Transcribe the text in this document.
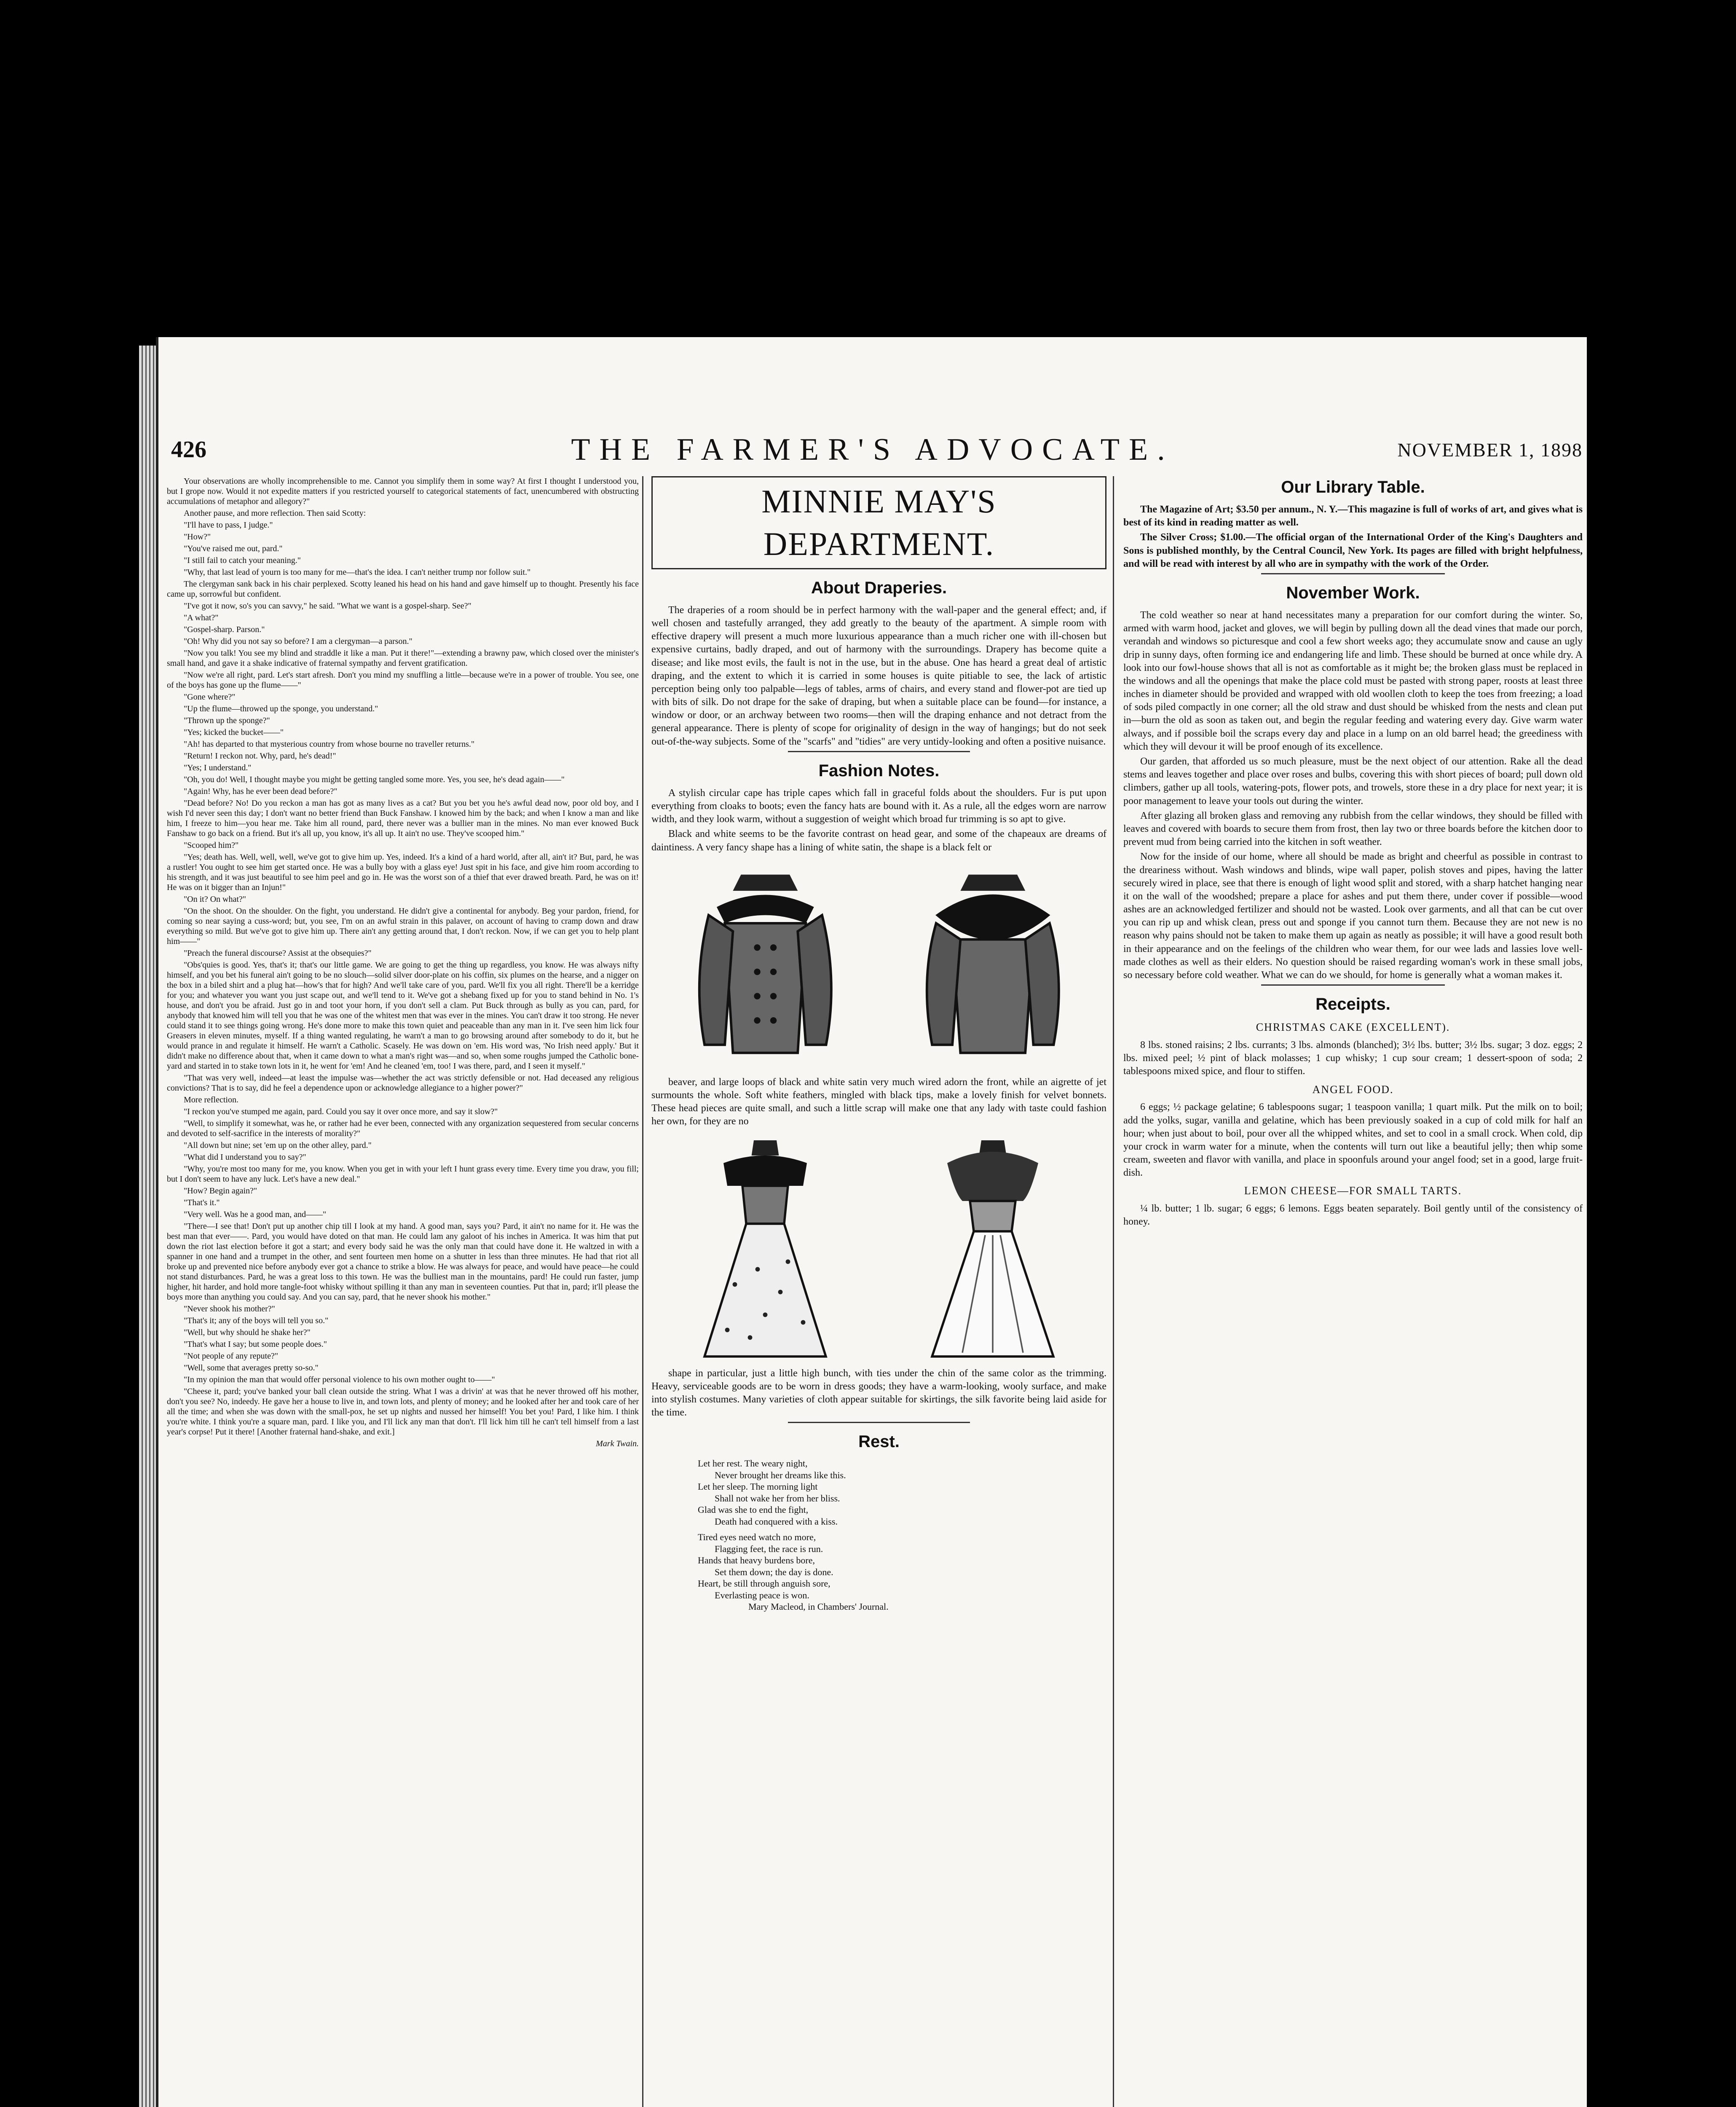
426	THE FARMER'S ADVOCATE.	NOVEMBER 1, 1898

Your observations are wholly incomprehensible to me. Cannot you simplify them in some way? At first I thought I understood you, but I grope now. Would it not expedite matters if you restricted yourself to categorical statements of fact, unencumbered with obstructing accumulations of metaphor and allegory?"

Another pause, and more reflection. Then said Scotty:

"I'll have to pass, I judge."

"How?"

"You've raised me out, pard."

"I still fail to catch your meaning."

"Why, that last lead of yourn is too many for me—that's the idea. I can't neither trump nor follow suit."

The clergyman sank back in his chair perplexed. Scotty leaned his head on his hand and gave himself up to thought. Presently his face came up, sorrowful but confident.

"I've got it now, so's you can savvy," he said. "What we want is a gospel-sharp. See?"

"A what?"

"Gospel-sharp. Parson."

"Oh! Why did you not say so before? I am a clergyman—a parson."

"Now you talk! You see my blind and straddle it like a man. Put it there!"—extending a brawny paw, which closed over the minister's small hand, and gave it a shake indicative of fraternal sympathy and fervent gratification.

"Now we're all right, pard. Let's start afresh. Don't you mind my snuffling a little—because we're in a power of trouble. You see, one of the boys has gone up the flume——"

"Gone where?"

"Up the flume—throwed up the sponge, you understand."

"Thrown up the sponge?"

"Yes; kicked the bucket——"

"Ah! has departed to that mysterious country from whose bourne no traveller returns."

"Return! I reckon not. Why, pard, he's dead!"

"Yes; I understand."

"Oh, you do! Well, I thought maybe you might be getting tangled some more. Yes, you see, he's dead again——"

"Again! Why, has he ever been dead before?"

"Dead before? No! Do you reckon a man has got as many lives as a cat? But you bet you he's awful dead now, poor old boy, and I wish I'd never seen this day; I don't want no better friend than Buck Fanshaw. I knowed him by the back; and when I know a man and like him, I freeze to him—you hear me. Take him all round, pard, there never was a bullier man in the mines. No man ever knowed Buck Fanshaw to go back on a friend. But it's all up, you know, it's all up. It ain't no use. They've scooped him."

"Scooped him?"

"Yes; death has. Well, well, well, we've got to give him up. Yes, indeed. It's a kind of a hard world, after all, ain't it? But, pard, he was a rustler! You ought to see him get started once. He was a bully boy with a glass eye! Just spit in his face, and give him room according to his strength, and it was just beautiful to see him peel and go in. He was the worst son of a thief that ever drawed breath. Pard, he was on it! He was on it bigger than an Injun!"

"On it? On what?"

"On the shoot. On the shoulder. On the fight, you understand. He didn't give a continental for anybody. Beg your pardon, friend, for coming so near saying a cuss-word; but, you see, I'm on an awful strain in this palaver, on account of having to cramp down and draw everything so mild. But we've got to give him up. There ain't any getting around that, I don't reckon. Now, if we can get you to help plant him——"

"Preach the funeral discourse? Assist at the obsequies?"

"Obs'quies is good. Yes, that's it; that's our little game. We are going to get the thing up regardless, you know. He was always nifty himself, and you bet his funeral ain't going to be no slouch—solid silver door-plate on his coffin, six plumes on the hearse, and a nigger on the box in a biled shirt and a plug hat—how's that for high? And we'll take care of you, pard. We'll fix you all right. There'll be a kerridge for you; and whatever you want you just scape out, and we'll tend to it. We've got a shebang fixed up for you to stand behind in No. 1's house, and don't you be afraid. Just go in and toot your horn, if you don't sell a clam. Put Buck through as bully as you can, pard, for anybody that knowed him will tell you that he was one of the whitest men that was ever in the mines. You can't draw it too strong. He never could stand it to see things going wrong. He's done more to make this town quiet and peaceable than any man in it. I've seen him lick four Greasers in eleven minutes, myself. If a thing wanted regulating, he warn't a man to go browsing around after somebody to do it, but he would prance in and regulate it himself. He warn't a Catholic. Scasely. He was down on 'em. His word was, 'No Irish need apply.' But it didn't make no difference about that, when it came down to what a man's right was—and so, when some roughs jumped the Catholic bone-yard and started in to stake town lots in it, he went for 'em! And he cleaned 'em, too! I was there, pard, and I seen it myself."

"That was very well, indeed—at least the impulse was—whether the act was strictly defensible or not. Had deceased any religious convictions? That is to say, did he feel a dependence upon or acknowledge allegiance to a higher power?"

More reflection.

"I reckon you've stumped me again, pard. Could you say it over once more, and say it slow?"

"Well, to simplify it somewhat, was he, or rather had he ever been, connected with any organization sequestered from secular concerns and devoted to self-sacrifice in the interests of morality?"

"All down but nine; set 'em up on the other alley, pard."

"What did I understand you to say?"

"Why, you're most too many for me, you know. When you get in with your left I hunt grass every time. Every time you draw, you fill; but I don't seem to have any luck. Let's have a new deal."

"How? Begin again?"

"That's it."

"Very well. Was he a good man, and——"

"There—I see that! Don't put up another chip till I look at my hand. A good man, says you? Pard, it ain't no name for it. He was the best man that ever——. Pard, you would have doted on that man. He could lam any galoot of his inches in America. It was him that put down the riot last election before it got a start; and every body said he was the only man that could have done it. He waltzed in with a spanner in one hand and a trumpet in the other, and sent fourteen men home on a shutter in less than three minutes. He had that riot all broke up and prevented nice before anybody ever got a chance to strike a blow. He was always for peace, and would have peace—he could not stand disturbances. Pard, he was a great loss to this town. He was the bulliest man in the mountains, pard! He could run faster, jump higher, hit harder, and hold more tangle-foot whisky without spilling it than any man in seventeen counties. Put that in, pard; it'll please the boys more than anything you could say. And you can say, pard, that he never shook his mother."

"Never shook his mother?"

"That's it; any of the boys will tell you so."

"Well, but why should he shake her?"

"That's what I say; but some people does."

"Not people of any repute?"

"Well, some that averages pretty so-so."

"In my opinion the man that would offer personal violence to his own mother ought to——"

"Cheese it, pard; you've banked your ball clean outside the string. What I was a drivin' at was that he never throwed off his mother, don't you see? No, indeedy. He gave her a house to live in, and town lots, and plenty of money; and he looked after her and took care of her all the time; and when she was down with the small-pox, he set up nights and nussed her himself! You bet you! Pard, I like him. I think you're white. I think you're a square man, pard. I like you, and I'll lick any man that don't. I'll lick him till he can't tell himself from a last year's corpse! Put it there! [Another fraternal hand-shake, and exit.]

Mark Twain.
MINNIE MAY'S DEPARTMENT.
About Draperies.

The draperies of a room should be in perfect harmony with the wall-paper and the general effect; and, if well chosen and tastefully arranged, they add greatly to the beauty of the apartment. A simple room with effective drapery will present a much more luxurious appearance than a much richer one with ill-chosen but expensive curtains, badly draped, and out of harmony with the surroundings. Drapery has become quite a disease; and like most evils, the fault is not in the use, but in the abuse. One has heard a great deal of artistic draping, and the extent to which it is carried in some houses is quite pitiable to see, the lack of artistic perception being only too palpable—legs of tables, arms of chairs, and every stand and flower-pot are tied up with bits of silk. Do not drape for the sake of draping, but when a suitable place can be found—for instance, a window or door, or an archway between two rooms—then will the draping enhance and not detract from the general appearance. There is plenty of scope for originality of design in the way of hangings; but do not seek out-of-the-way subjects. Some of the "scarfs" and "tidies" are very untidy-looking and often a positive nuisance.

Fashion Notes.

A stylish circular cape has triple capes which fall in graceful folds about the shoulders. Fur is put upon everything from cloaks to boots; even the fancy hats are bound with it. As a rule, all the edges worn are narrow width, and they look warm, without a suggestion of weight which broad fur trimming is so apt to give.

Black and white seems to be the favorite contrast on head gear, and some of the chapeaux are dreams of daintiness. A very fancy shape has a lining of white satin, the shape is a black felt or

beaver, and large loops of black and white satin very much wired adorn the front, while an aigrette of jet surmounts the whole. Soft white feathers, mingled with black tips, make a lovely finish for velvet bonnets. These head pieces are quite small, and such a little scrap will make one that any lady with taste could fashion her own, for they are no

shape in particular, just a little high bunch, with ties under the chin of the same color as the trimming. Heavy, serviceable goods are to be worn in dress goods; they have a warm-looking, wooly surface, and make into stylish costumes. Many varieties of cloth appear suitable for skirtings, the silk favorite being laid aside for the time.

Rest.
Let her rest. The weary night,
Never brought her dreams like this.
Let her sleep. The morning light
Shall not wake her from her bliss.
Glad was she to end the fight,
Death had conquered with a kiss.
Tired eyes need watch no more,
Flagging feet, the race is run.
Hands that heavy burdens bore,
Set them down; the day is done.
Heart, be still through anguish sore,
Everlasting peace is won.
Mary Macleod, in Chambers' Journal.
Our Library Table.

The Magazine of Art; $3.50 per annum., N. Y.—This magazine is full of works of art, and gives what is best of its kind in reading matter as well.

The Silver Cross; $1.00.—The official organ of the International Order of the King's Daughters and Sons is published monthly, by the Central Council, New York. Its pages are filled with bright helpfulness, and will be read with interest by all who are in sympathy with the work of the Order.

November Work.

The cold weather so near at hand necessitates many a preparation for our comfort during the winter. So, armed with warm hood, jacket and gloves, we will begin by pulling down all the dead vines that made our porch, verandah and windows so picturesque and cool a few short weeks ago; they accumulate snow and cause an ugly drip in sunny days, often forming ice and endangering life and limb. These should be burned at once while dry. A look into our fowl-house shows that all is not as comfortable as it might be; the broken glass must be replaced in the windows and all the openings that make the place cold must be pasted with strong paper, roosts at least three inches in diameter should be provided and wrapped with old woollen cloth to keep the toes from freezing; a load of sods piled compactly in one corner; all the old straw and dust should be whisked from the nests and clean put in—burn the old as soon as taken out, and begin the regular feeding and watering every day. Give warm water always, and if possible boil the scraps every day and place in a lump on an old barrel head; the greediness with which they will devour it will be proof enough of its excellence.

Our garden, that afforded us so much pleasure, must be the next object of our attention. Rake all the dead stems and leaves together and place over roses and bulbs, covering this with short pieces of board; pull down old climbers, gather up all tools, watering-pots, flower pots, and trowels, store these in a dry place for next year; it is poor management to leave your tools out during the winter.

After glazing all broken glass and removing any rubbish from the cellar windows, they should be filled with leaves and covered with boards to secure them from frost, then lay two or three boards before the kitchen door to prevent mud from being carried into the kitchen in soft weather.

Now for the inside of our home, where all should be made as bright and cheerful as possible in contrast to the dreariness without. Wash windows and blinds, wipe wall paper, polish stoves and pipes, having the latter securely wired in place, see that there is enough of light wood split and stored, with a sharp hatchet hanging near it on the wall of the woodshed; prepare a place for ashes and put them there, under cover if possible—wood ashes are an acknowledged fertilizer and should not be wasted. Look over garments, and all that can be cut over you can rip up and whisk clean, press out and sponge if you cannot turn them. Because they are not new is no reason why pains should not be taken to make them up again as neatly as possible; it will have a good result both in their appearance and on the feelings of the children who wear them, for our wee lads and lassies love well-made clothes as well as their elders. No question should be raised regarding woman's work in these small jobs, so necessary before cold weather. What we can do we should, for home is generally what a woman makes it.

Receipts.
CHRISTMAS CAKE (EXCELLENT).

8 lbs. stoned raisins; 2 lbs. currants; 3 lbs. almonds (blanched); 3½ lbs. butter; 3½ lbs. sugar; 3 doz. eggs; 2 lbs. mixed peel; ½ pint of black molasses; 1 cup whisky; 1 cup sour cream; 1 dessert-spoon of soda; 2 tablespoons mixed spice, and flour to stiffen.

ANGEL FOOD.

6 eggs; ½ package gelatine; 6 tablespoons sugar; 1 teaspoon vanilla; 1 quart milk. Put the milk on to boil; add the yolks, sugar, vanilla and gelatine, which has been previously soaked in a cup of cold milk for half an hour; when just about to boil, pour over all the whipped whites, and set to cool in a small crock. When cold, dip your crock in warm water for a minute, when the contents will turn out like a beautiful jelly; then whip some cream, sweeten and flavor with vanilla, and place in spoonfuls around your angel food; set in a good, large fruit-dish.

LEMON CHEESE—FOR SMALL TARTS.

¼ lb. butter; 1 lb. sugar; 6 eggs; 6 lemons. Eggs beaten separately. Boil gently until of the consistency of honey.
